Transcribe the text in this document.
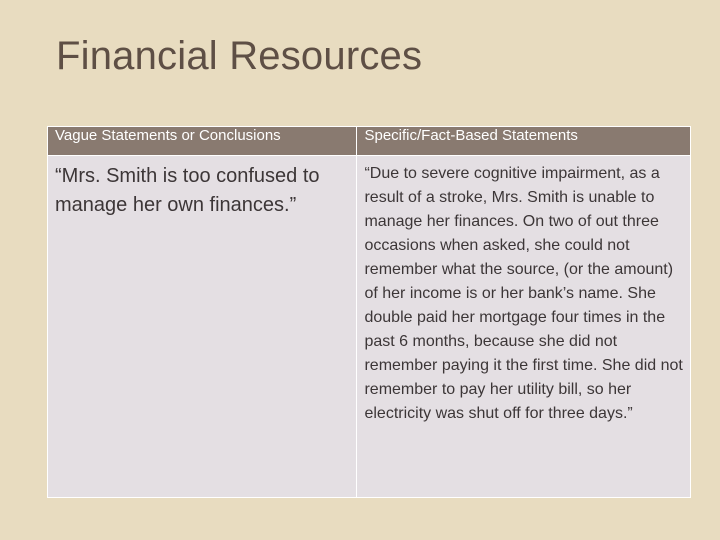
Financial Resources
Vague Statements or Conclusions	Specific/Fact-Based Statements
“Mrs. Smith is too confused to manage her own finances.”	“Due to severe cognitive impairment, as a result of a stroke, Mrs. Smith is unable to manage her finances. On two of out three occasions when asked, she could not remember what the source, (or the amount) of her income is or her bank’s name. She double paid her mortgage four times in the past 6 months, because she did not remember paying it the first time. She did not remember to pay her utility bill, so her electricity was shut off for three days.”
